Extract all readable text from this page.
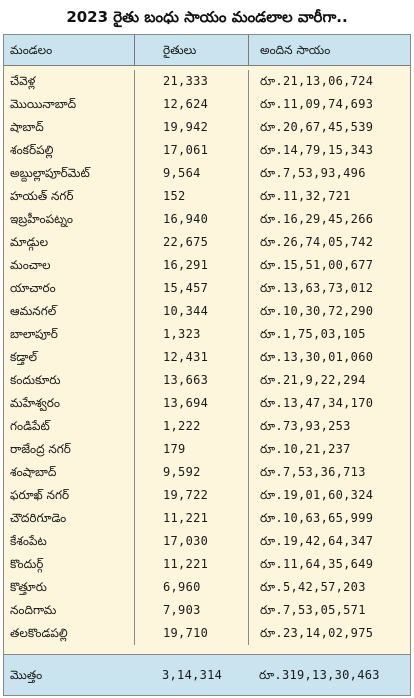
2023 రైతు బంధు సాయం మండలాల వారీగా..
మండలం	రైతులు	అందిన సాయం
చేవెళ్ల	21,333	రూ.21,13,06,724
మొయినాబాద్	12,624	రూ.11,09,74,693
షాబాద్	19,942	రూ.20,67,45,539
శంకర్‌పల్లి	17,061	రూ.14,79,15,343
అబ్దుల్లాపూర్‌మెట్	9,564	రూ.7,53,93,496
హయత్ నగర్	152	రూ.11,32,721
ఇబ్రహీంపట్నం	16,940	రూ.16,29,45,266
మాడ్గుల	22,675	రూ.26,74,05,742
మంచాల	16,291	రూ.15,51,00,677
యాచారం	15,457	రూ.13,63,73,012
ఆమనగల్	10,344	రూ.10,30,72,290
బాలాపూర్	1,323	రూ.1,75,03,105
కడ్తాల్	12,431	రూ.13,30,01,060
కందుకూరు	13,663	రూ.21,9,22,294
మహేశ్వరం	13,694	రూ.13,47,34,170
గండిపేట్	1,222	రూ.73,93,253
రాజేంద్ర నగర్	179	రూ.10,21,237
శంషాబాద్	9,592	రూ.7,53,36,713
ఫరూఖ్ నగర్	19,722	రూ.19,01,60,324
చౌదరిగూడెం	11,221	రూ.10,63,65,999
కేశంపేట	17,030	రూ.19,42,64,347
కొందుర్గ్	11,221	రూ.11,64,35,649
కొత్తూరు	6,960	రూ.5,42,57,203
నందిగామ	7,903	రూ.7,53,05,571
తలకొండపల్లి	19,710	రూ.23,14,02,975
మొత్తం	3,14,314	రూ.319,13,30,463
